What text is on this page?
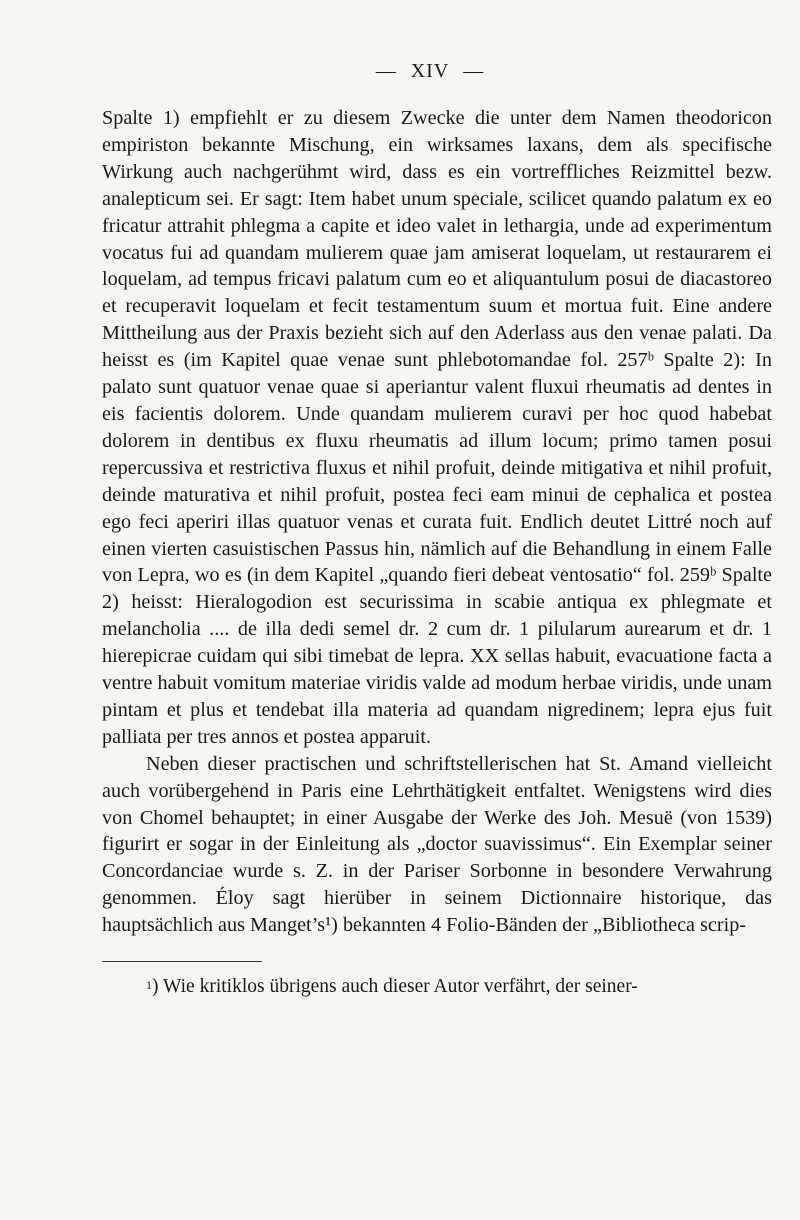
— XIV —

Spalte 1) empfiehlt er zu diesem Zwecke die unter dem Namen theodoricon empiriston bekannte Mischung, ein wirksames laxans, dem als specifische Wirkung auch nachgerühmt wird, dass es ein vortreffliches Reizmittel bezw. analepticum sei. Er sagt: Item habet unum speciale, scilicet quando palatum ex eo fricatur attrahit phlegma a capite et ideo valet in lethargia, unde ad experimentum vocatus fui ad quandam mulierem quae jam amiserat loquelam, ut restaurarem ei loquelam, ad tempus fricavi palatum cum eo et aliquantulum posui de diacastoreo et recuperavit loquelam et fecit testamentum suum et mortua fuit. Eine andere Mittheilung aus der Praxis bezieht sich auf den Aderlass aus den venae palati. Da heisst es (im Kapitel quae venae sunt phlebotomandae fol. 257ᵇ Spalte 2): In palato sunt quatuor venae quae si aperiantur valent fluxui rheumatis ad dentes in eis facientis dolorem. Unde quandam mulierem curavi per hoc quod habebat dolorem in dentibus ex fluxu rheumatis ad illum locum; primo tamen posui repercussiva et restrictiva fluxus et nihil profuit, deinde mitigativa et nihil profuit, deinde maturativa et nihil profuit, postea feci eam minui de cephalica et postea ego feci aperiri illas quatuor venas et curata fuit. Endlich deutet Littré noch auf einen vierten casuistischen Passus hin, nämlich auf die Behandlung in einem Falle von Lepra, wo es (in dem Kapitel „quando fieri debeat ventosatio“ fol. 259ᵇ Spalte 2) heisst: Hieralogodion est securissima in scabie antiqua ex phlegmate et melancholia .... de illa dedi semel dr. 2 cum dr. 1 pilularum aurearum et dr. 1 hierepicrae cuidam qui sibi timebat de lepra. XX sellas habuit, evacuatione facta a ventre habuit vomitum materiae viridis valde ad modum herbae viridis, unde unam pintam et plus et tendebat illa materia ad quandam nigredinem; lepra ejus fuit palliata per tres annos et postea apparuit.

Neben dieser practischen und schriftstellerischen hat St. Amand vielleicht auch vorübergehend in Paris eine Lehrthätigkeit entfaltet. Wenigstens wird dies von Chomel behauptet; in einer Ausgabe der Werke des Joh. Mesuë (von 1539) figurirt er sogar in der Einleitung als „doctor suavissimus“. Ein Exemplar seiner Concordanciae wurde s. Z. in der Pariser Sorbonne in besondere Verwahrung genommen. Éloy sagt hierüber in seinem Dictionnaire historique, das hauptsächlich aus Manget’s¹) bekannten 4 Folio-Bänden der „Bibliotheca scrip-

$^1$) Wie kritiklos übrigens auch dieser Autor verfährt, der seiner-
